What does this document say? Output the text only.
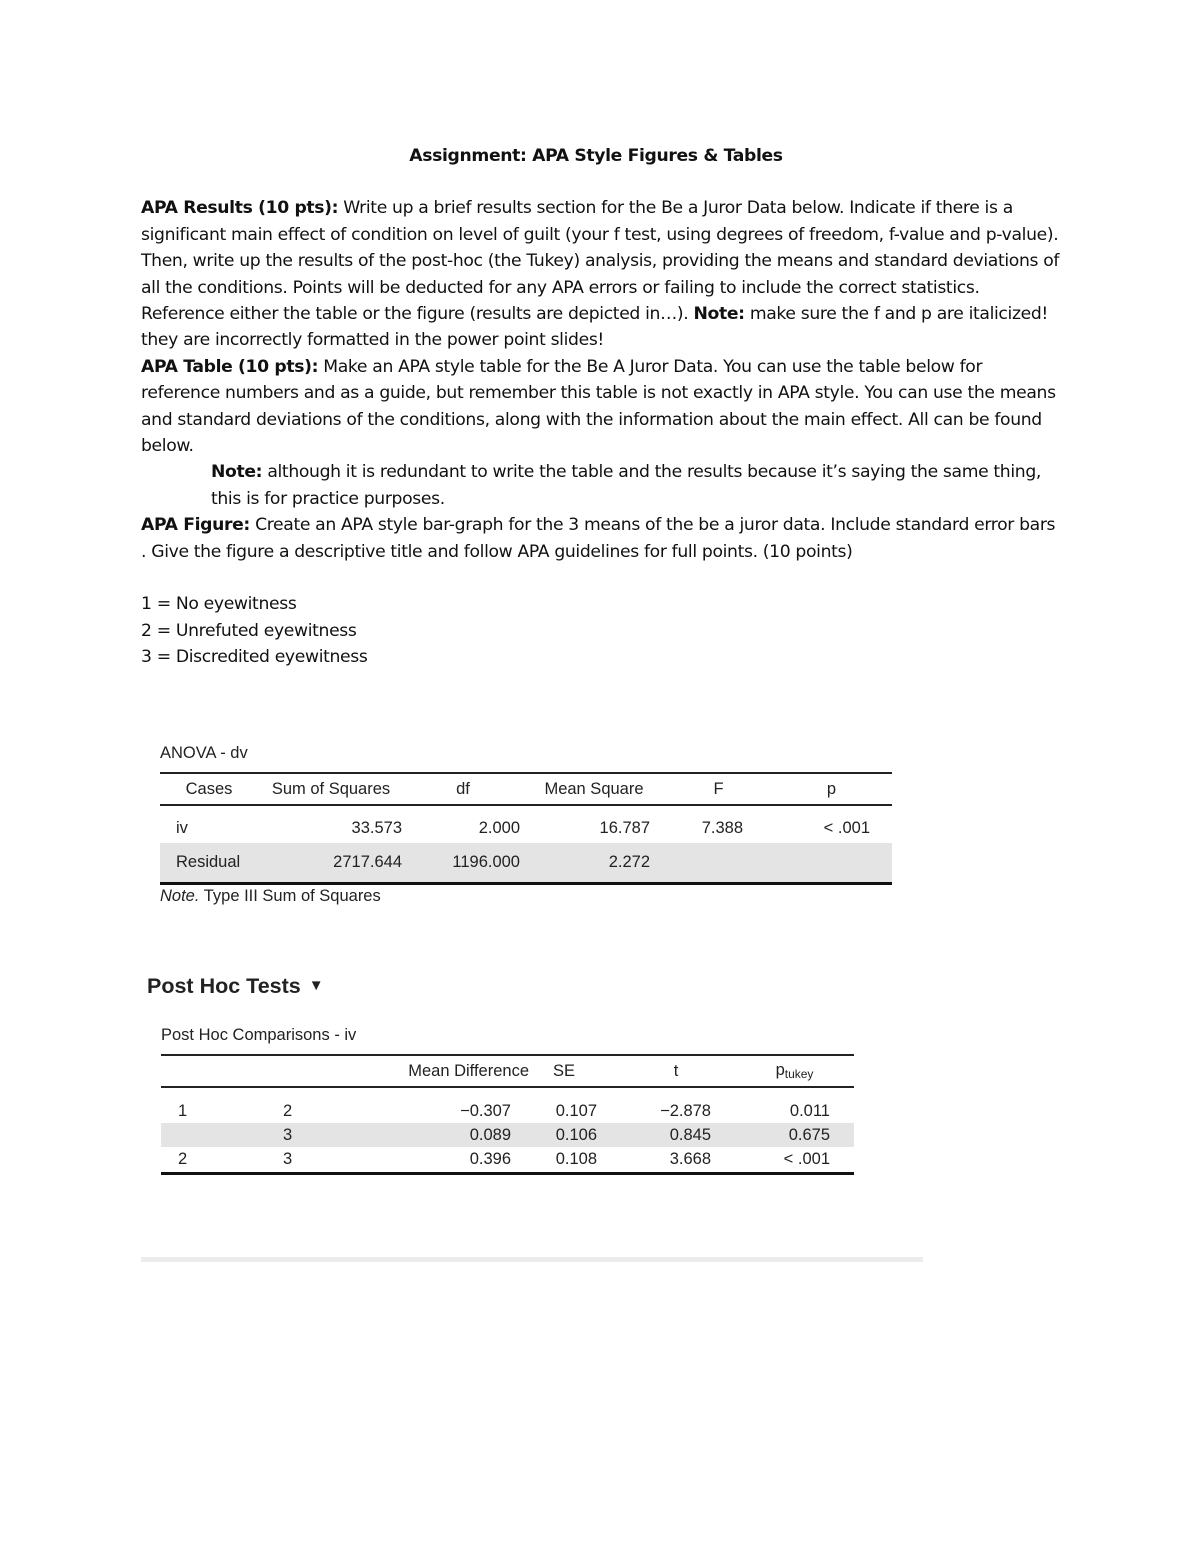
Assignment: APA Style Figures & Tables
APA Results (10 pts): Write up a brief results section for the Be a Juror Data below. Indicate if there is a significant main effect of condition on level of guilt (your f test, using degrees of freedom, f-value and p-value). Then, write up the results of the post-hoc (the Tukey) analysis, providing the means and standard deviations of all the conditions. Points will be deducted for any APA errors or failing to include the correct statistics. Reference either the table or the figure (results are depicted in…). Note: make sure the f and p are italicized! they are incorrectly formatted in the power point slides!
APA Table (10 pts): Make an APA style table for the Be A Juror Data. You can use the table below for reference numbers and as a guide, but remember this table is not exactly in APA style. You can use the means and standard deviations of the conditions, along with the information about the main effect. All can be found below.
Note: although it is redundant to write the table and the results because it’s saying the same thing, this is for practice purposes.
APA Figure: Create an APA style bar-graph for the 3 means of the be a juror data. Include standard error bars . Give the figure a descriptive title and follow APA guidelines for full points. (10 points)
1 = No eyewitness
2 = Unrefuted eyewitness
3 = Discredited eyewitness
ANOVA - dv
Cases	Sum of Squares	df	Mean Square	F	p

iv	33.573	2.000	16.787	7.388	< .001
Residual	2717.644	1196.000	2.272		
Note. Type III Sum of Squares
Post Hoc Tests ▼
Post Hoc Comparisons - iv
		Mean Difference	SE	t	$p_{tukey}$

1	2	−0.307	0.107	−2.878	0.011
	3	0.089	0.106	0.845	0.675
2	3	0.396	0.108	3.668	< .001
